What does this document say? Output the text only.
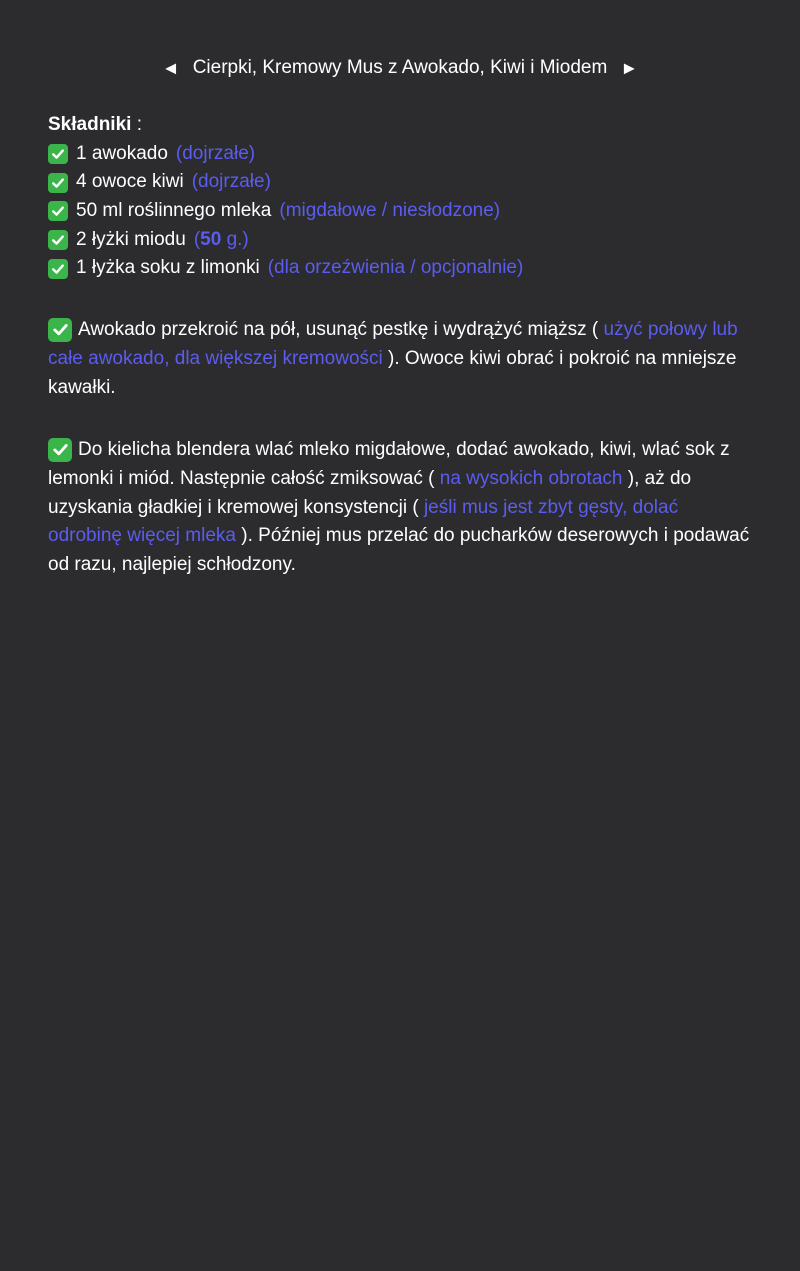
◄ Cierpki, Kremowy Mus z Awokado, Kiwi i Miodem ►

Składniki :

1 awokado (dojrzałe)
4 owoce kiwi (dojrzałe)
50 ml roślinnego mleka (migdałowe / niesłodzone)
2 łyżki miodu (50 g.)
1 łyżka soku z limonki (dla orzeźwienia / opcjonalnie)

Awokado przekroić na pół, usunąć pestkę i wydrążyć miąższ ( użyć połowy lub całe awokado, dla większej kremowości ). Owoce kiwi obrać i pokroić na mniejsze kawałki.

Do kielicha blendera wlać mleko migdałowe, dodać awokado, kiwi, wlać sok z lemonki i miód. Następnie całość zmiksować ( na wysokich obrotach ), aż do uzyskania gładkiej i kremowej konsystencji ( jeśli mus jest zbyt gęsty, dolać odrobinę więcej mleka ). Później mus przelać do pucharków deserowych i podawać od razu, najlepiej schłodzony.
